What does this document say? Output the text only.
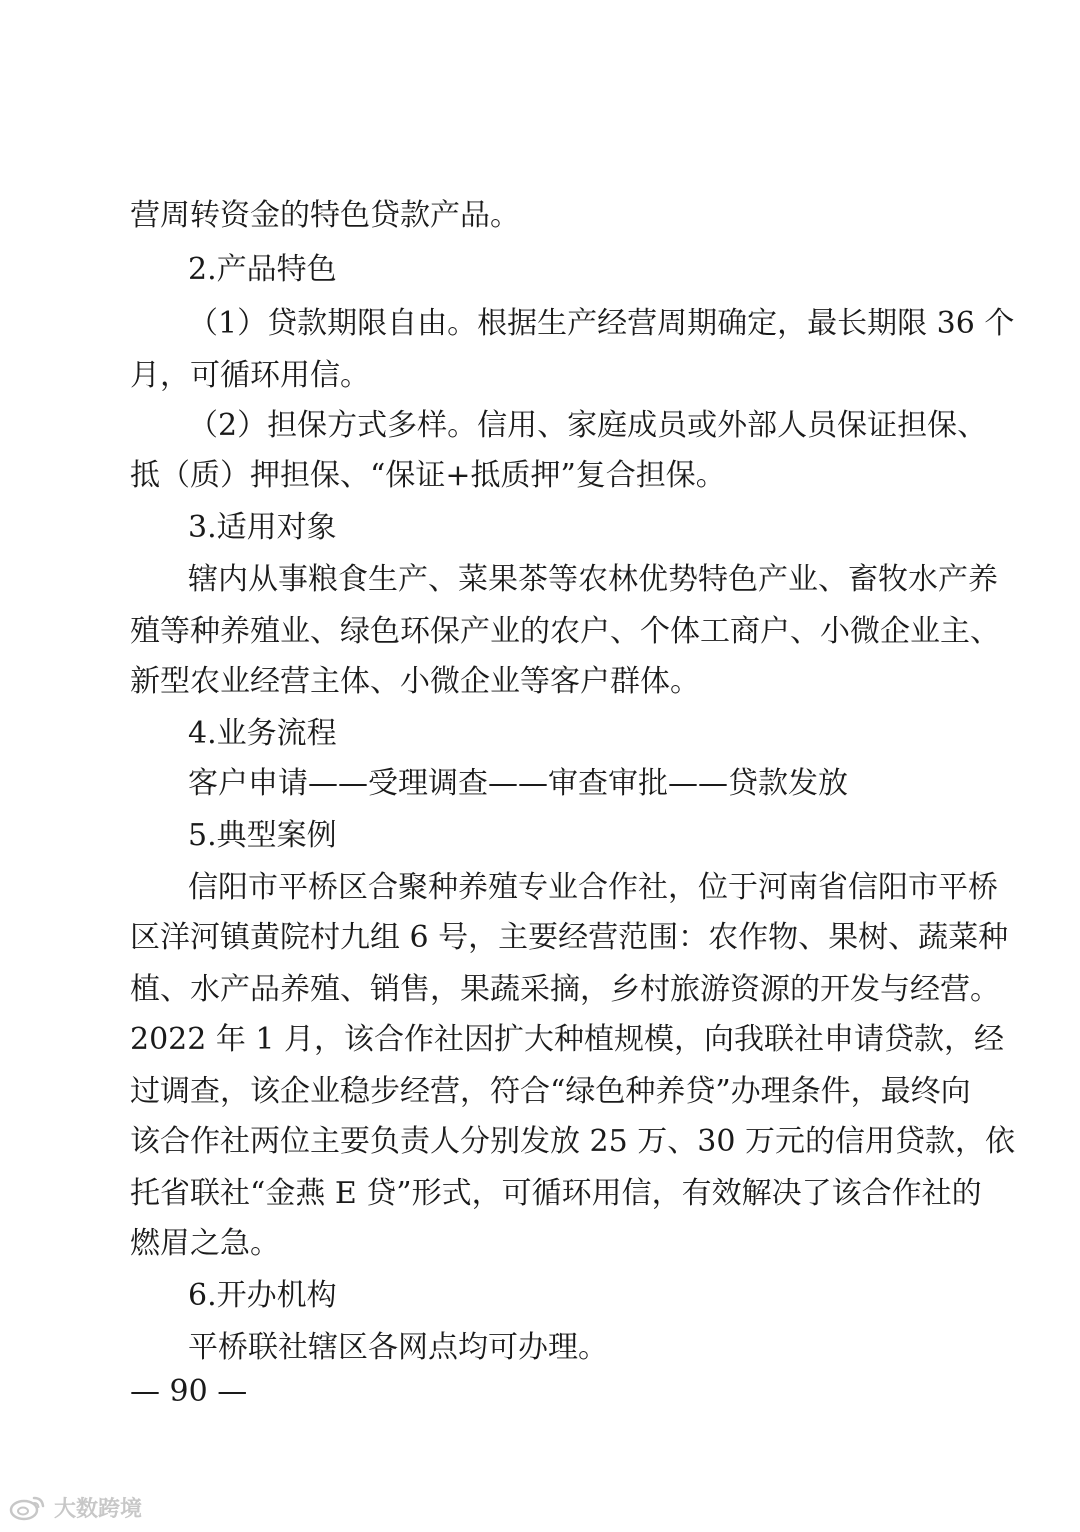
营周转资金的特色贷款产品。
2.产品特色
（1）贷款期限自由。根据生产经营周期确定，最长期限 36 个
月，可循环用信。
（2）担保方式多样。信用、家庭成员或外部人员保证担保、
抵（质）押担保、“保证+抵质押”复合担保。
3.适用对象
辖内从事粮食生产、菜果茶等农林优势特色产业、畜牧水产养
殖等种养殖业、绿色环保产业的农户、个体工商户、小微企业主、
新型农业经营主体、小微企业等客户群体。
4.业务流程
客户申请——受理调查——审查审批——贷款发放
5.典型案例
信阳市平桥区合聚种养殖专业合作社，位于河南省信阳市平桥
区洋河镇黄院村九组 6 号，主要经营范围：农作物、果树、蔬菜种
植、水产品养殖、销售，果蔬采摘，乡村旅游资源的开发与经营。
2022 年 1 月，该合作社因扩大种植规模，向我联社申请贷款，经
过调查，该企业稳步经营，符合“绿色种养贷”办理条件，最终向
该合作社两位主要负责人分别发放 25 万、30 万元的信用贷款，依
托省联社“金燕 E 贷”形式，可循环用信，有效解决了该合作社的
燃眉之急。
6.开办机构
平桥联社辖区各网点均可办理。
— 90 —
大数跨境
